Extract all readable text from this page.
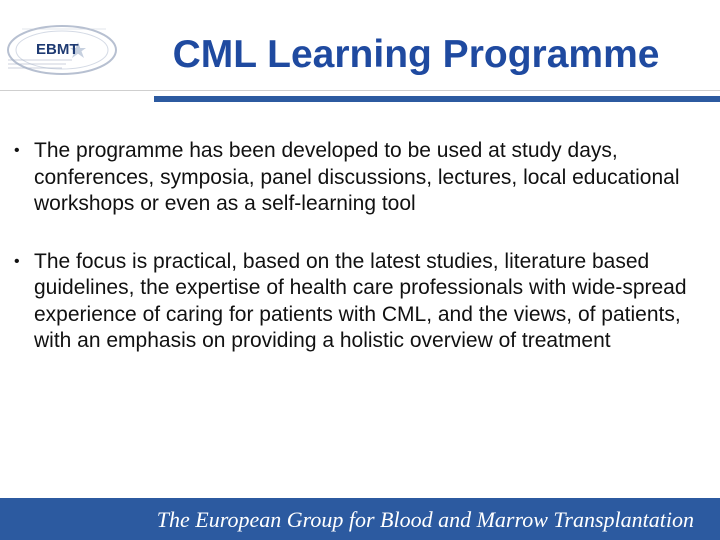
EBMT	CML Learning Programme
• The programme has been developed to be used at study days, conferences, symposia, panel discussions, lectures, local educational workshops or even as a self-learning tool
• The focus is practical, based on the latest studies, literature based guidelines, the expertise of health care professionals with wide-spread experience of caring for patients with CML, and the views, of patients, with an emphasis on providing a holistic overview of treatment
The European Group for Blood and Marrow Transplantation
